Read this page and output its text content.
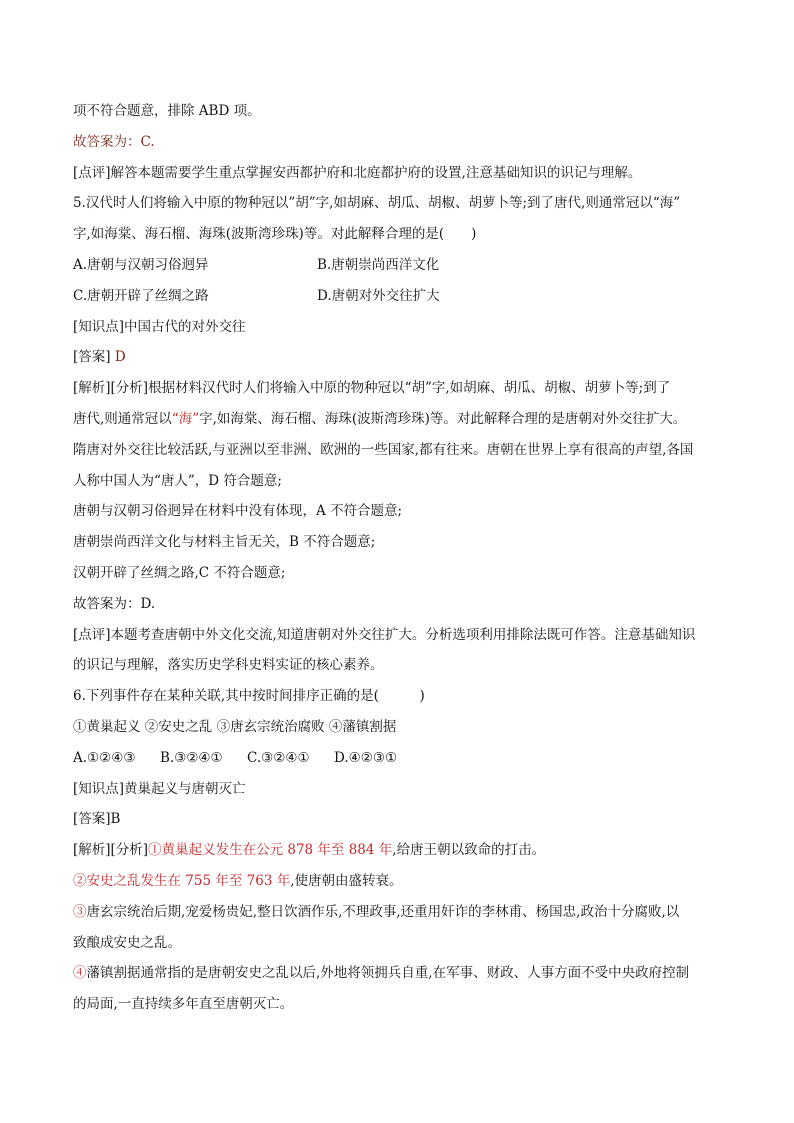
项不符合题意，排除 ABD 项。
故答案为：C.
[点评]解答本题需要学生重点掌握安西都护府和北庭都护府的设置,注意基础知识的识记与理解。
5.汉代时人们将输入中原的物种冠以”胡”字,如胡麻、胡瓜、胡椒、胡萝卜等;到了唐代,则通常冠以“海”
字,如海棠、海石榴、海珠(波斯湾珍珠)等。对此解释合理的是(　　)
A.唐朝与汉朝习俗迥异	B.唐朝崇尚西洋文化
C.唐朝开辟了丝绸之路	D.唐朝对外交往扩大
[知识点]中国古代的对外交往
[答案] D
[解析][分析]根据材料汉代时人们将输入中原的物种冠以“胡”字,如胡麻、胡瓜、胡椒、胡萝卜等;到了
唐代,则通常冠以“海”字,如海棠、海石榴、海珠(波斯湾珍珠)等。对此解释合理的是唐朝对外交往扩大。
隋唐对外交往比较活跃,与亚洲以至非洲、欧洲的一些国家,都有往来。唐朝在世界上享有很高的声望,各国
人称中国人为“唐人”，D 符合题意;
唐朝与汉朝习俗迥异在材料中没有体现，A 不符合题意;
唐朝崇尚西洋文化与材料主旨无关，B 不符合题意;
汉朝开辟了丝绸之路,C 不符合题意;
故答案为：D.
[点评]本题考查唐朝中外文化交流,知道唐朝对外交往扩大。分析选项利用排除法既可作答。注意基础知识
的识记与理解，落实历史学科史料实证的核心素养。
6.下列事件存在某种关联,其中按时间排序正确的是(　　　)
①黄巢起义 ②安史之乱 ③唐玄宗统治腐败 ④藩镇割据
A.①②④③	B.③②④①	C.③②④①	D.④②③①
[知识点]黄巢起义与唐朝灭亡
[答案]B
[解析][分析]①黄巢起义发生在公元 878 年至 884 年,给唐王朝以致命的打击。
②安史之乱发生在 755 年至 763 年,使唐朝由盛转衰。
③唐玄宗统治后期,宠爱杨贵妃,整日饮酒作乐,不理政事,还重用奸诈的李林甫、杨国忠,政治十分腐败,以
致酿成安史之乱。
④藩镇割据通常指的是唐朝安史之乱以后,外地将领拥兵自重,在军事、财政、人事方面不受中央政府控制
的局面,一直持续多年直至唐朝灭亡。
